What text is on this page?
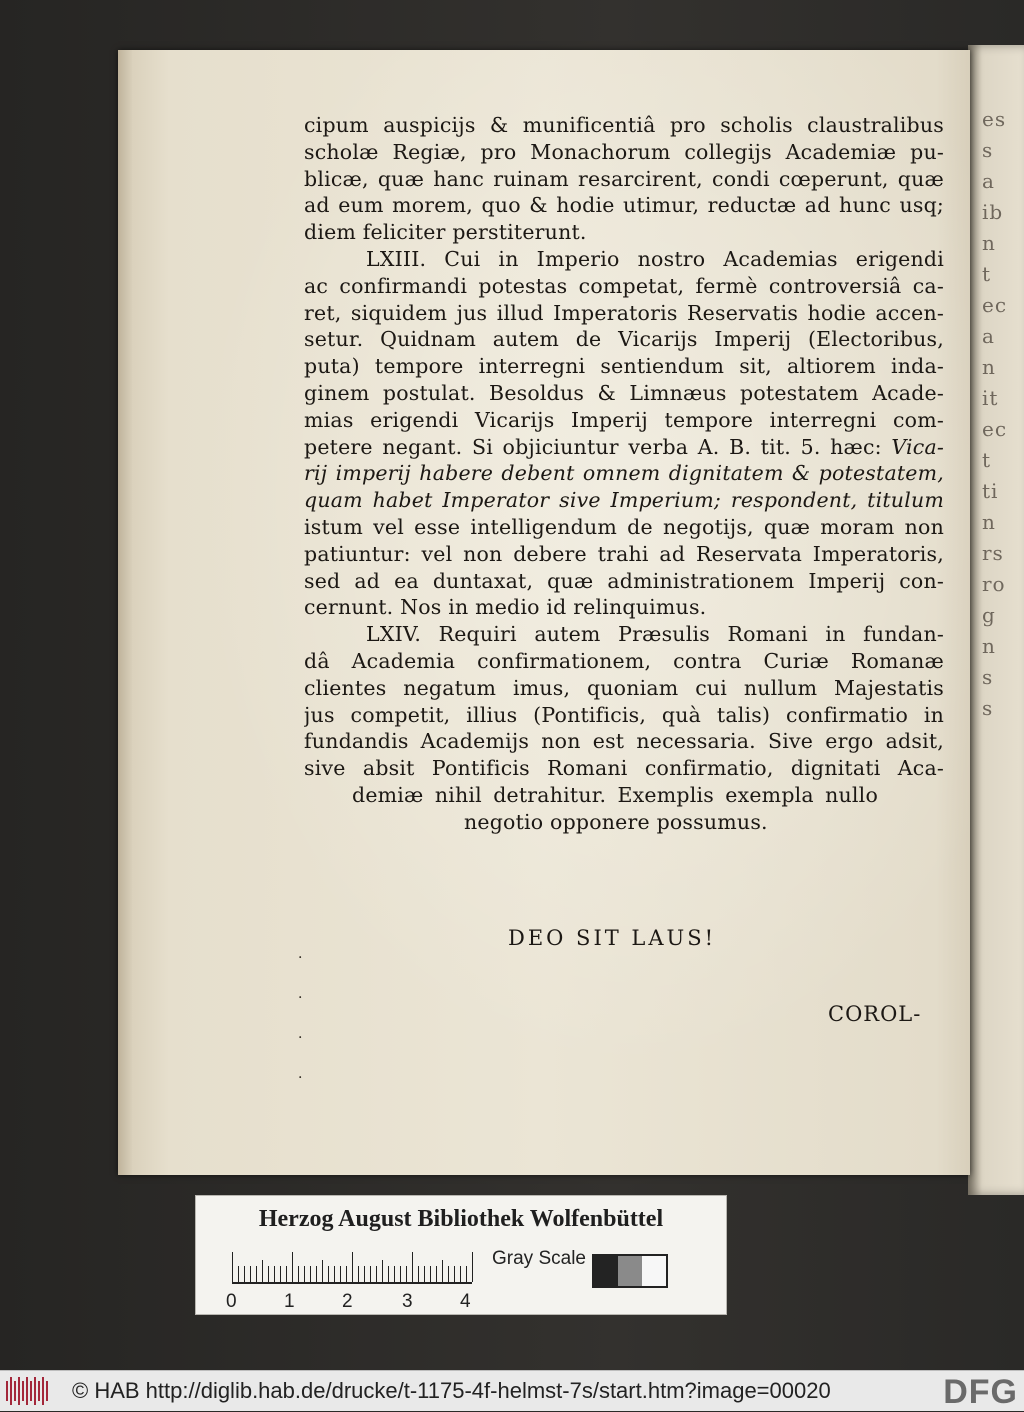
es
s
a
ib
n
t
ec
a
n
it
ec
t
ti
n
rs
ro
g
n
s
s
cipum auspicijs & munificentiâ pro scholis claustralibus
scholæ Regiæ, pro Monachorum collegijs Academiæ pu-
blicæ, quæ hanc ruinam resarcirent, condi cœperunt, quæ
ad eum morem, quo & hodie utimur, reductæ ad hunc usq;
diem feliciter perstiterunt.
LXIII. Cui in Imperio nostro Academias erigendi
ac confirmandi potestas competat, fermè controversiâ ca-
ret, siquidem jus illud Imperatoris Reservatis hodie accen-
setur. Quidnam autem de Vicarijs Imperij (Electoribus,
puta) tempore interregni sentiendum sit, altiorem inda-
ginem postulat. Besoldus & Limnæus potestatem Acade-
mias erigendi Vicarijs Imperij tempore interregni com-
petere negant. Si objiciuntur verba A. B. tit. 5. hæc: Vica-
rij imperij habere debent omnem dignitatem & potestatem,
quam habet Imperator sive Imperium; respondent, titulum
istum vel esse intelligendum de negotijs, quæ moram non
patiuntur: vel non debere trahi ad Reservata Imperatoris,
sed ad ea duntaxat, quæ administrationem Imperij con-
cernunt. Nos in medio id relinquimus.
LXIV. Requiri autem Præsulis Romani in fundan-
dâ Academia confirmationem, contra Curiæ Romanæ
clientes negatum imus, quoniam cui nullum Majestatis
jus competit, illius (Pontificis, quà talis) confirmatio in
fundandis Academijs non est necessaria. Sive ergo adsit,
sive absit Pontificis Romani confirmatio, dignitati Aca-
demiæ nihil detrahitur. Exemplis exempla nullo
negotio opponere possumus.
DEO SIT LAUS!
COROL-
·
·
·
·
Herzog August Bibliothek Wolfenbüttel
0 1 2	3 4
Gray Scale
© HAB http://diglib.hab.de/drucke/t-1175-4f-helmst-7s/start.htm?image=00020	DFG
